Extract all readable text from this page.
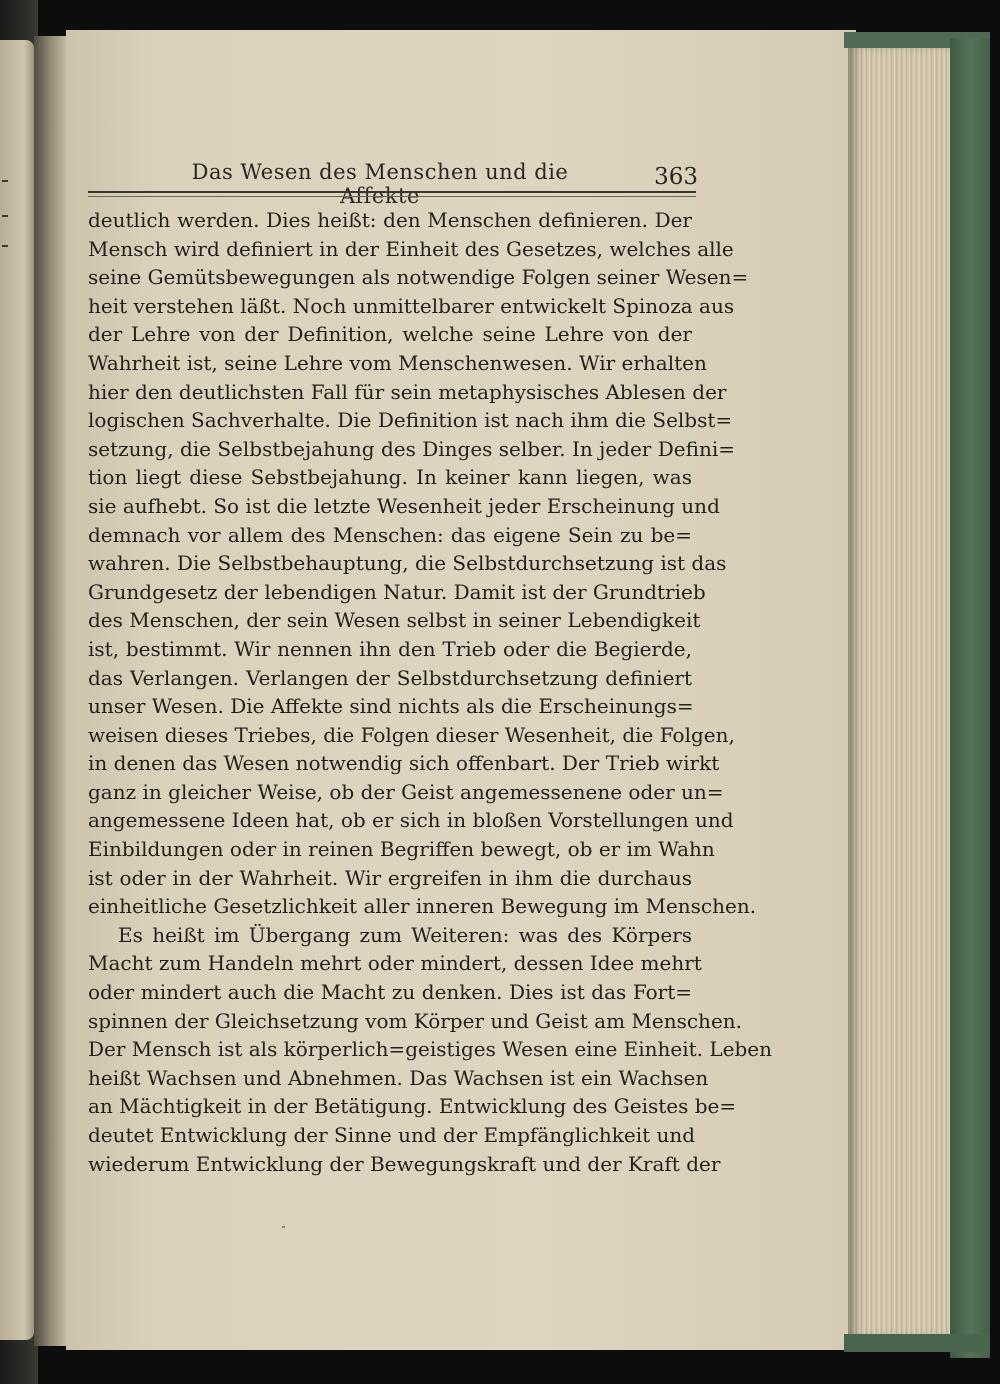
Das Wesen des Menschen und die Affekte
363
deutlich werden. Dies heißt: den Menschen definieren. Der
Mensch wird definiert in der Einheit des Gesetzes, welches alle
seine Gemütsbewegungen als notwendige Folgen seiner Wesen=
heit verstehen läßt. Noch unmittelbarer entwickelt Spinoza aus
der Lehre von der Definition, welche seine Lehre von der
Wahrheit ist, seine Lehre vom Menschenwesen. Wir erhalten
hier den deutlichsten Fall für sein metaphysisches Ablesen der
logischen Sachverhalte. Die Definition ist nach ihm die Selbst=
setzung, die Selbstbejahung des Dinges selber. In jeder Defini=
tion liegt diese Sebstbejahung. In keiner kann liegen, was
sie aufhebt. So ist die letzte Wesenheit jeder Erscheinung und
demnach vor allem des Menschen: das eigene Sein zu be=
wahren. Die Selbstbehauptung, die Selbstdurchsetzung ist das
Grundgesetz der lebendigen Natur. Damit ist der Grundtrieb
des Menschen, der sein Wesen selbst in seiner Lebendigkeit
ist, bestimmt. Wir nennen ihn den Trieb oder die Begierde,
das Verlangen. Verlangen der Selbstdurchsetzung definiert
unser Wesen. Die Affekte sind nichts als die Erscheinungs=
weisen dieses Triebes, die Folgen dieser Wesenheit, die Folgen,
in denen das Wesen notwendig sich offenbart. Der Trieb wirkt
ganz in gleicher Weise, ob der Geist angemessenene oder un=
angemessene Ideen hat, ob er sich in bloßen Vorstellungen und
Einbildungen oder in reinen Begriffen bewegt, ob er im Wahn
ist oder in der Wahrheit. Wir ergreifen in ihm die durchaus
einheitliche Gesetzlichkeit aller inneren Bewegung im Menschen.
Es heißt im Übergang zum Weiteren: was des Körpers
Macht zum Handeln mehrt oder mindert, dessen Idee mehrt
oder mindert auch die Macht zu denken. Dies ist das Fort=
spinnen der Gleichsetzung vom Körper und Geist am Menschen.
Der Mensch ist als körperlich=geistiges Wesen eine Einheit. Leben
heißt Wachsen und Abnehmen. Das Wachsen ist ein Wachsen
an Mächtigkeit in der Betätigung. Entwicklung des Geistes be=
deutet Entwicklung der Sinne und der Empfänglichkeit und
wiederum Entwicklung der Bewegungskraft und der Kraft der
